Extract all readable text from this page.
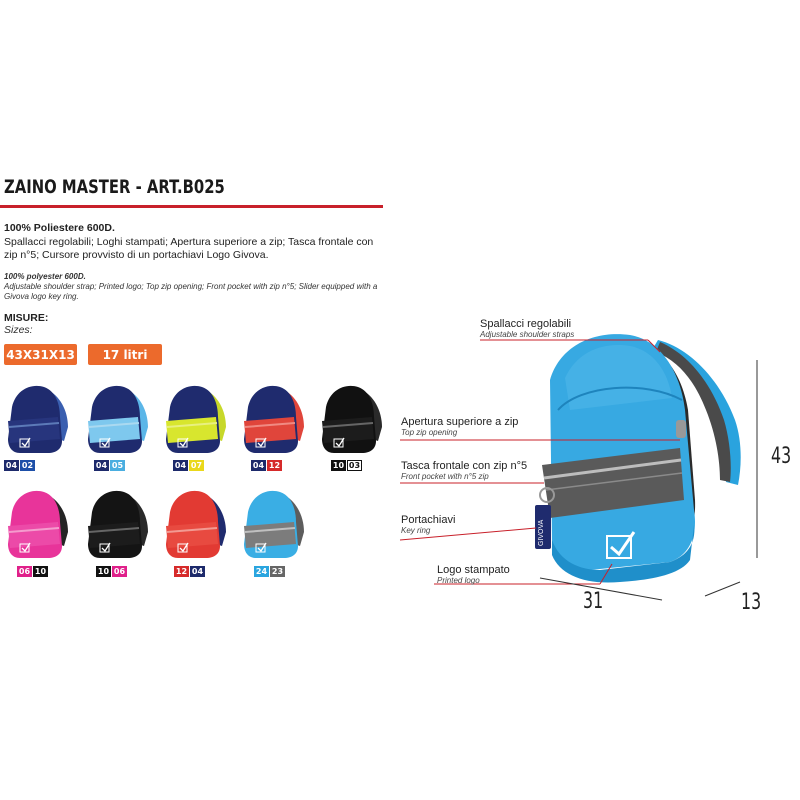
ZAINO MASTER - ART.B025
100% Poliestere 600D.
Spallacci regolabili; Loghi stampati; Apertura superiore a zip; Tasca frontale con zip n°5; Cursore provvisto di un portachiavi Logo Givova.
100% polyester 600D.
Adjustable shoulder strap; Printed logo; Top zip opening; Front pocket with zip n°5; Slider equipped with a Givova logo key ring.
MISURE:
Sizes:
43X31X13	17 litri
04 02	04 05	04 07	04 12	10 03
06 10	10 06	12 04	24 23
GIVOVA
Spallacci regolabili
Adjustable shoulder straps
Apertura superiore a zip
Top zip opening
Tasca frontale con zip n°5
Front pocket with n°5 zip
Portachiavi
Key ring
Logo stampato
Printed logo
43
31	13
